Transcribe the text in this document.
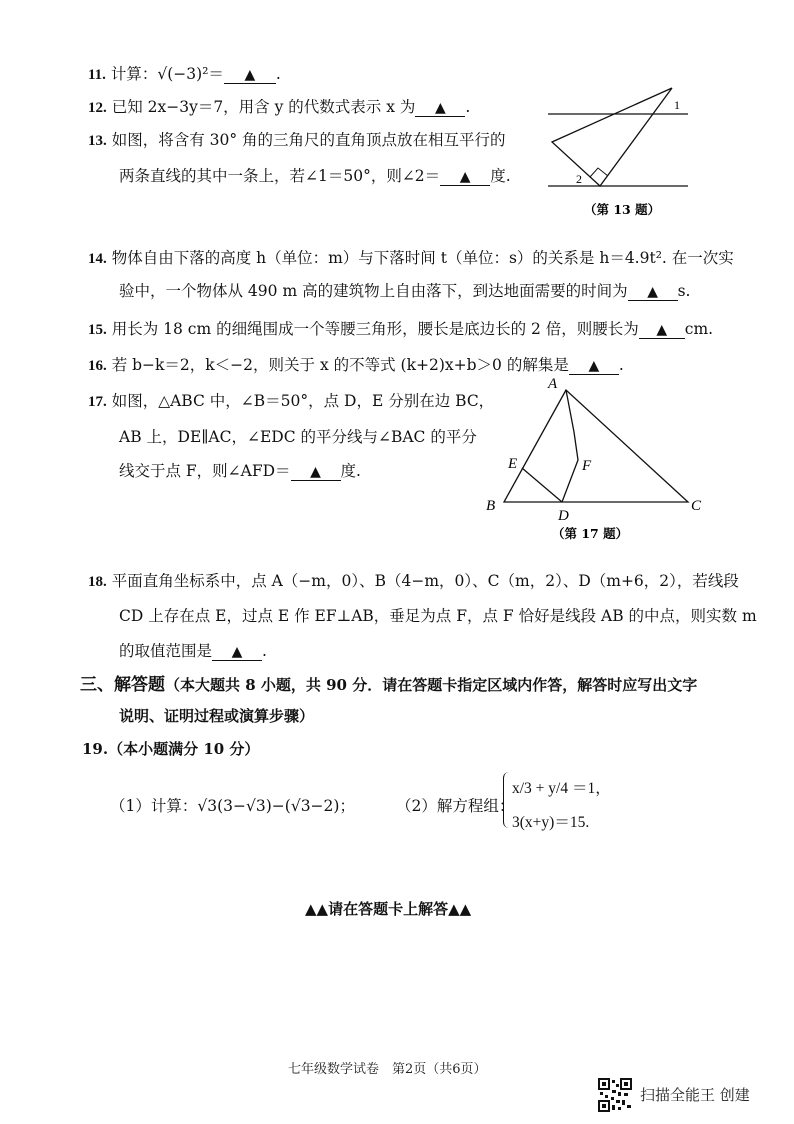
11. 计算：√(−3)²＝ ▲ .
12. 已知 2x−3y＝7，用含 y 的代数式表示 x 为 ▲ .
13. 如图，将含有 30° 角的三角尺的直角顶点放在相互平行的
两条直线的其中一条上，若∠1＝50°，则∠2＝ ▲ 度.
1
2
（第 13 题）
14. 物体自由下落的高度 h（单位：m）与下落时间 t（单位：s）的关系是 h＝4.9t². 在一次实
验中，一个物体从 490 m 高的建筑物上自由落下，到达地面需要的时间为 ▲ s.
15. 用长为 18 cm 的细绳围成一个等腰三角形，腰长是底边长的 2 倍，则腰长为 ▲ cm.
16. 若 b−k＝2，k＜−2，则关于 x 的不等式 (k+2)x+b＞0 的解集是 ▲ .
17. 如图，△ABC 中，∠B＝50°，点 D，E 分别在边 BC，
AB 上，DE∥AC，∠EDC 的平分线与∠BAC 的平分
线交于点 F，则∠AFD＝ ▲ 度.
A
B	C
D
E	F
（第 17 题）
18. 平面直角坐标系中，点 A（−m，0）、B（4−m，0）、C（m，2）、D（m+6，2），若线段
CD 上存在点 E，过点 E 作 EF⊥AB，垂足为点 F，点 F 恰好是线段 AB 的中点，则实数 m
的取值范围是 ▲ .
三、解答题（本大题共 8 小题，共 90 分．请在答题卡指定区域内作答，解答时应写出文字
说明、证明过程或演算步骤）
19.（本小题满分 10 分）
（1）计算：√3(3−√3)−(√3−2)；	（2）解方程组：
x/3 + y/4 ＝1，
3(x+y)＝15.
▲▲请在答题卡上解答▲▲
七年级数学试卷　第2页（共6页）
扫描全能王 创建
